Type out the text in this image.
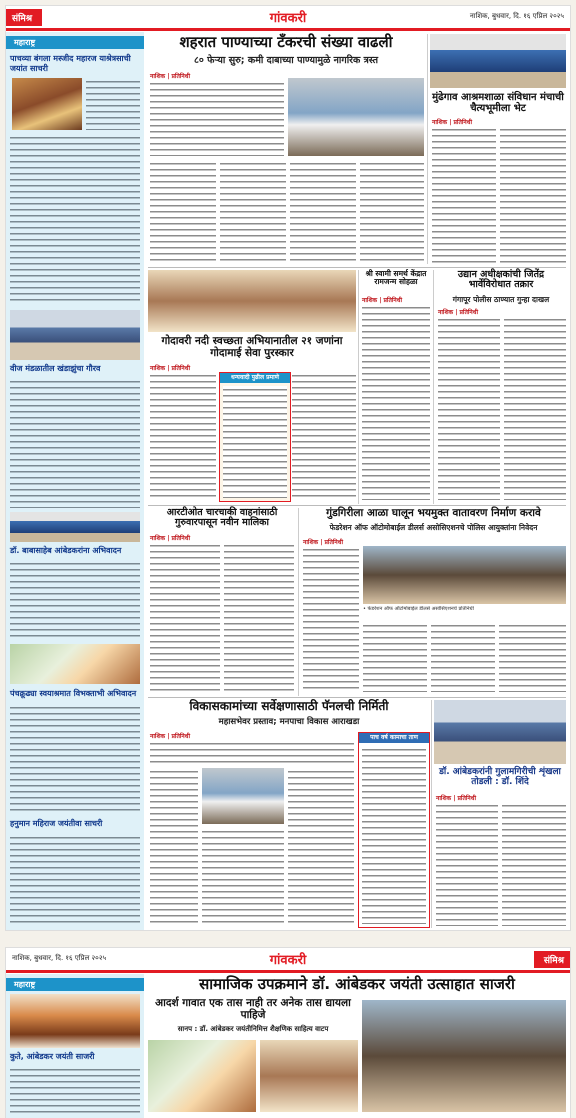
संमिश्र	गांवकरी	नाशिक, बुधवार, दि. १६ एप्रिल २०२५
महाराष्ट्र
पाचव्या बंगला मस्जीद महारज याश्रेत्रसाची जयांत साचरी
वीज मंडळातील खंडाझुंचा गौरव
डॉ. बाबासाहेब आंबेडकरांना अभिवादन
पंचक्रूढ्या स्वयाश्रमात विभक्ताभी अभिवादन
हनुमान महिराज जयंतीवा साचरी
शहरात पाण्याच्या टँकरची संख्या वाढली
८० फेऱ्या सुरु; कमी दाबाच्या पाण्यामुळे नागरिक त्रस्त
नाशिक | प्रतिनिधी
मुंढेगाव आश्रमशाळा संविधान मंचाची चैत्यभूमीला भेट
नाशिक | प्रतिनिधी
गोदावरी नदी स्वच्छता अभियानातील २१ जणांना गोदामाई सेवा पुरस्कार
नाशिक | प्रतिनिधी
धन्यवादी पुढील प्रमाणे
श्री स्वामी समर्थ केंद्रात रामजन्म सोहळा
नाशिक | प्रतिनिधी
उद्यान अधीक्षकांची जितेंद्र भार्वेविरोधात तक्रार
गंगापूर पोलीस ठाण्यात गुन्हा दाखल
नाशिक | प्रतिनिधी
आरटीओत चारचाकी वाहनांसाठी गुरुवारपासून नवीन मालिका
नाशिक | प्रतिनिधी
गुंडगिरीला आळा घालून भयमुक्त वातावरण निर्माण करावे
फेडरेशन ऑफ ऑटोमोबाईल डीलर्स असोसिएशनचे पोलिस आयुक्तांना निवेदन
नाशिक | प्रतिनिधी
• फेडरेशन ऑफ ऑटोमोबाईल डीलर्स असोसिएशनचे प्रतिनिधी
विकासकामांच्या सर्वेक्षणासाठी पॅनलची निर्मिती
महासभेवर प्रस्ताव; मनपाचा विकास आराखडा
नाशिक | प्रतिनिधी	पाच वर्ष कामाचा ताण
डॉ. आंबेडकरांनी गुलामगिरीची शृंखला तोडली : डॉ. शिंदे
नाशिक | प्रतिनिधी
नाशिक, बुधवार, दि. १६ एप्रिल २०२५	गांवकरी	संमिश्र
महाराष्ट्र
कुते, आंबेडकर जयंती साजरी
सामाजिक उपक्रमाने डॉ. आंबेडकर जयंती उत्साहात साजरी
आदर्श गावात एक तास नाही तर अनेक तास द्यायला पाहिजे
सानप : डॉ. आंबेडकर जयंतीनिमित्त शैक्षणिक साहित्य वाटप
